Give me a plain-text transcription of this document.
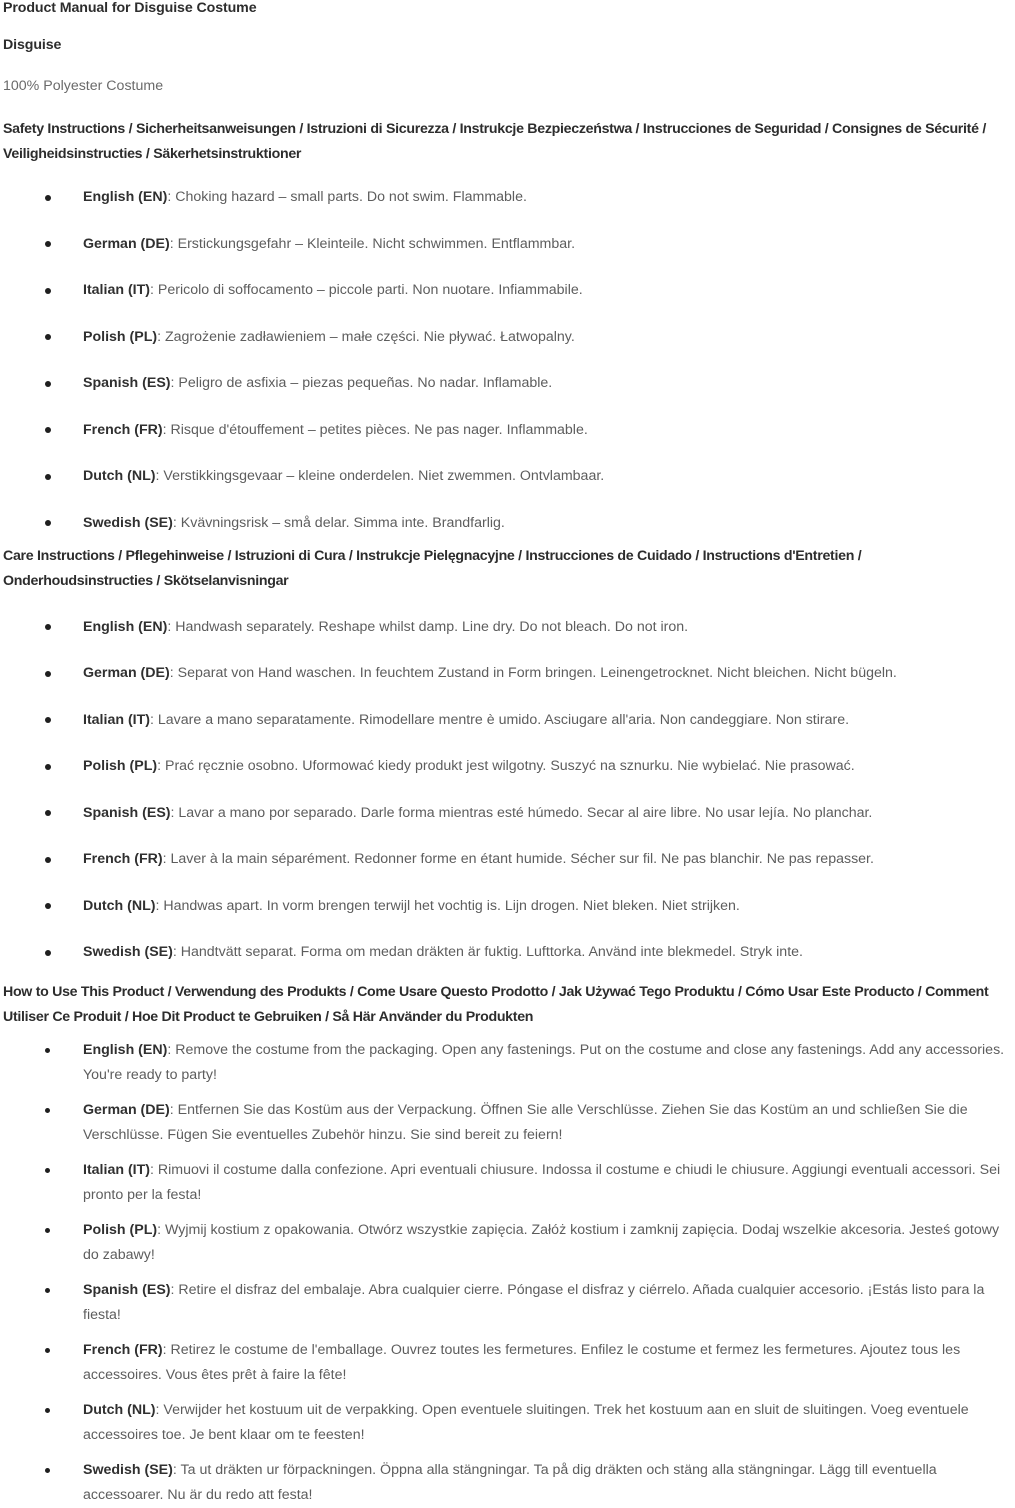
Product Manual for Disguise Costume

Disguise

100% Polyester Costume

Safety Instructions / Sicherheitsanweisungen / Istruzioni di Sicurezza / Instrukcje Bezpieczeństwa / Instrucciones de Seguridad / Consignes de Sécurité / Veiligheidsinstructies / Säkerhetsinstruktioner
English (EN): Choking hazard – small parts. Do not swim. Flammable.
German (DE): Erstickungsgefahr – Kleinteile. Nicht schwimmen. Entflammbar.
Italian (IT): Pericolo di soffocamento – piccole parti. Non nuotare. Infiammabile.
Polish (PL): Zagrożenie zadławieniem – małe części. Nie pływać. Łatwopalny.
Spanish (ES): Peligro de asfixia – piezas pequeñas. No nadar. Inflamable.
French (FR): Risque d'étouffement – petites pièces. Ne pas nager. Inflammable.
Dutch (NL): Verstikkingsgevaar – kleine onderdelen. Niet zwemmen. Ontvlambaar.
Swedish (SE): Kvävningsrisk – små delar. Simma inte. Brandfarlig.
Care Instructions / Pflegehinweise / Istruzioni di Cura / Instrukcje Pielęgnacyjne / Instrucciones de Cuidado / Instructions d'Entretien / Onderhoudsinstructies / Skötselanvisningar
English (EN): Handwash separately. Reshape whilst damp. Line dry. Do not bleach. Do not iron.
German (DE): Separat von Hand waschen. In feuchtem Zustand in Form bringen. Leinengetrocknet. Nicht bleichen. Nicht bügeln.
Italian (IT): Lavare a mano separatamente. Rimodellare mentre è umido. Asciugare all'aria. Non candeggiare. Non stirare.
Polish (PL): Prać ręcznie osobno. Uformować kiedy produkt jest wilgotny. Suszyć na sznurku. Nie wybielać. Nie prasować.
Spanish (ES): Lavar a mano por separado. Darle forma mientras esté húmedo. Secar al aire libre. No usar lejía. No planchar.
French (FR): Laver à la main séparément. Redonner forme en étant humide. Sécher sur fil. Ne pas blanchir. Ne pas repasser.
Dutch (NL): Handwas apart. In vorm brengen terwijl het vochtig is. Lijn drogen. Niet bleken. Niet strijken.
Swedish (SE): Handtvätt separat. Forma om medan dräkten är fuktig. Lufttorka. Använd inte blekmedel. Stryk inte.
How to Use This Product / Verwendung des Produkts / Come Usare Questo Prodotto / Jak Używać Tego Produktu / Cómo Usar Este Producto / Comment Utiliser Ce Produit / Hoe Dit Product te Gebruiken / Så Här Använder du Produkten
English (EN): Remove the costume from the packaging. Open any fastenings. Put on the costume and close any fastenings. Add any accessories. You're ready to party!
German (DE): Entfernen Sie das Kostüm aus der Verpackung. Öffnen Sie alle Verschlüsse. Ziehen Sie das Kostüm an und schließen Sie die Verschlüsse. Fügen Sie eventuelles Zubehör hinzu. Sie sind bereit zu feiern!
Italian (IT): Rimuovi il costume dalla confezione. Apri eventuali chiusure. Indossa il costume e chiudi le chiusure. Aggiungi eventuali accessori. Sei pronto per la festa!
Polish (PL): Wyjmij kostium z opakowania. Otwórz wszystkie zapięcia. Załóż kostium i zamknij zapięcia. Dodaj wszelkie akcesoria. Jesteś gotowy do zabawy!
Spanish (ES): Retire el disfraz del embalaje. Abra cualquier cierre. Póngase el disfraz y ciérrelo. Añada cualquier accesorio. ¡Estás listo para la fiesta!
French (FR): Retirez le costume de l'emballage. Ouvrez toutes les fermetures. Enfilez le costume et fermez les fermetures. Ajoutez tous les accessoires. Vous êtes prêt à faire la fête!
Dutch (NL): Verwijder het kostuum uit de verpakking. Open eventuele sluitingen. Trek het kostuum aan en sluit de sluitingen. Voeg eventuele accessoires toe. Je bent klaar om te feesten!
Swedish (SE): Ta ut dräkten ur förpackningen. Öppna alla stängningar. Ta på dig dräkten och stäng alla stängningar. Lägg till eventuella accessoarer. Nu är du redo att festa!
